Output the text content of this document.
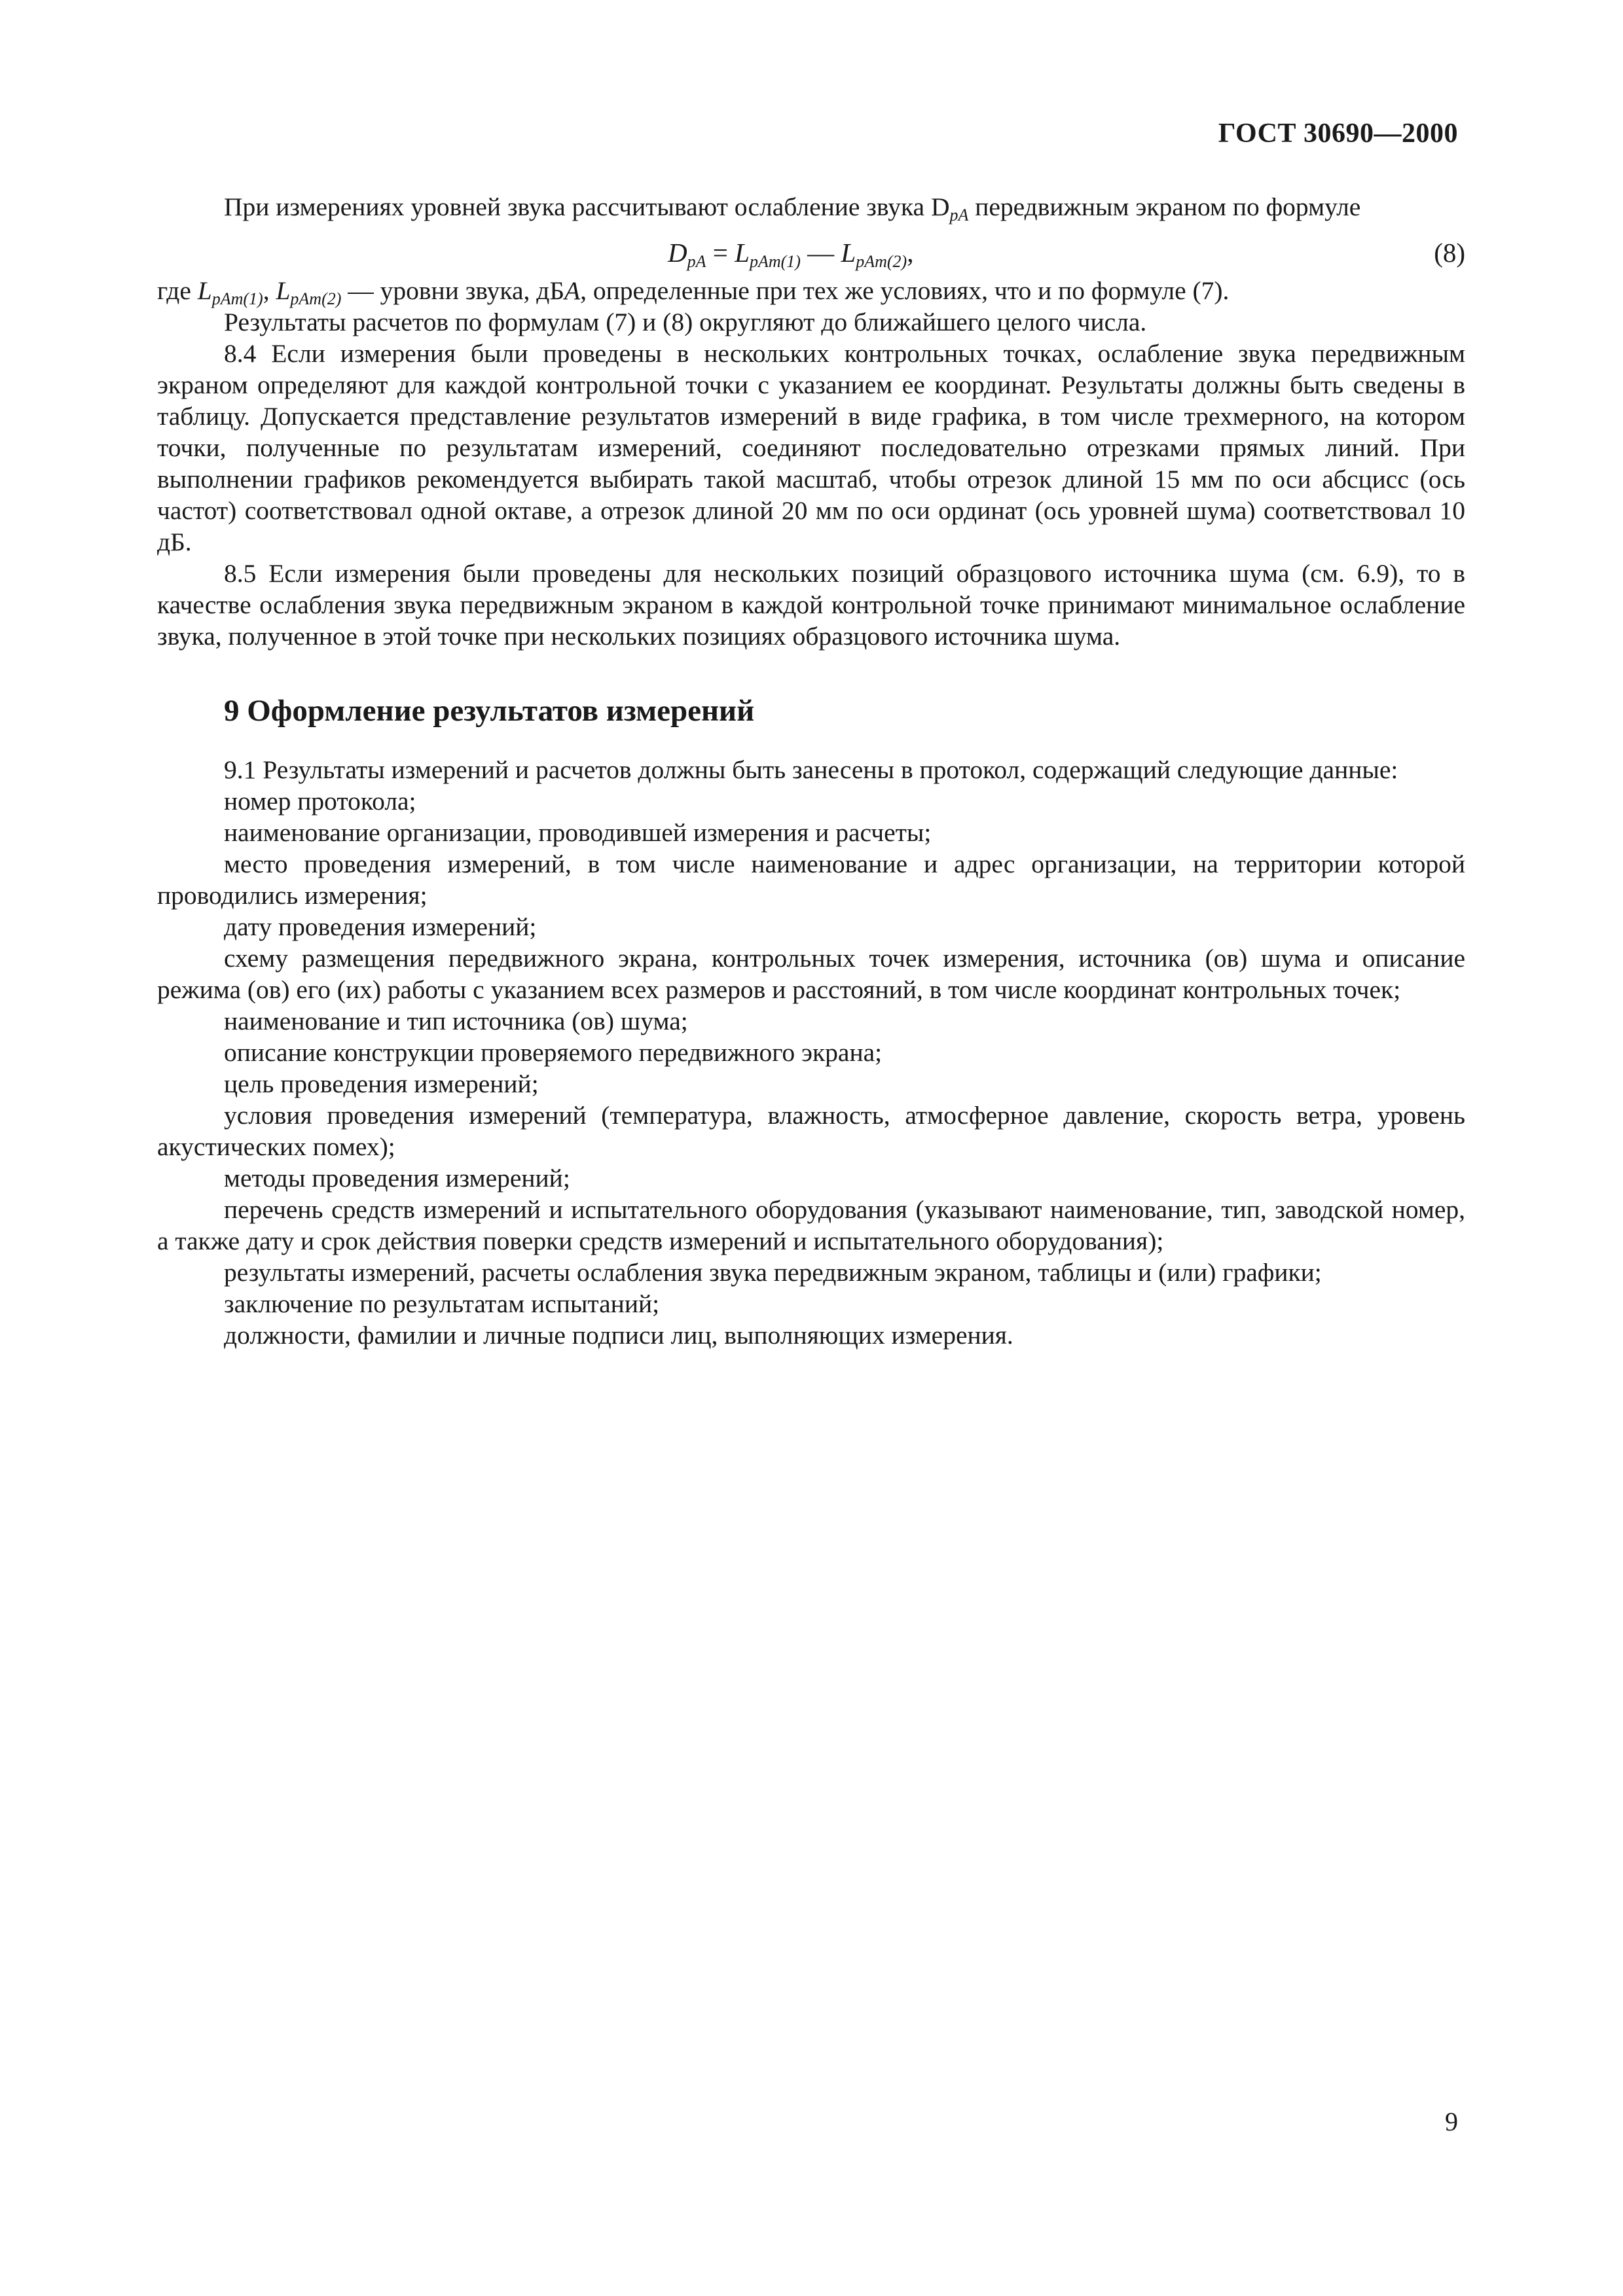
ГОСТ 30690—2000

При измерениях уровней звука рассчитывают ослабление звука $D_{pA}$ передвижным экраном по формуле

$D_{pA} = L_{pAm(1)}$ — $L_{pAm(2)}$,	(8)

где $L_{pAm(1)}$, $L_{pAm(2)}$ — уровни звука, дБA, определенные при тех же условиях, что и по формуле (7).

Результаты расчетов по формулам (7) и (8) округляют до ближайшего целого числа.

8.4 Если измерения были проведены в нескольких контрольных точках, ослабление звука передвижным экраном определяют для каждой контрольной точки с указанием ее координат. Результаты должны быть сведены в таблицу. Допускается представление результатов измерений в виде графика, в том числе трехмерного, на котором точки, полученные по результатам измерений, соединяют последовательно отрезками прямых линий. При выполнении графиков рекомендуется выбирать такой масштаб, чтобы отрезок длиной 15 мм по оси абсцисс (ось частот) соответствовал одной октаве, а отрезок длиной 20 мм по оси ординат (ось уровней шума) соответствовал 10 дБ.

8.5 Если измерения были проведены для нескольких позиций образцового источника шума (см. 6.9), то в качестве ослабления звука передвижным экраном в каждой контрольной точке принимают минимальное ослабление звука, полученное в этой точке при нескольких позициях образцового источника шума.

9 Оформление результатов измерений

9.1 Результаты измерений и расчетов должны быть занесены в протокол, содержащий следующие данные:

номер протокола;

наименование организации, проводившей измерения и расчеты;

место проведения измерений, в том числе наименование и адрес организации, на территории которой проводились измерения;

дату проведения измерений;

схему размещения передвижного экрана, контрольных точек измерения, источника (ов) шума и описание режима (ов) его (их) работы с указанием всех размеров и расстояний, в том числе координат контрольных точек;

наименование и тип источника (ов) шума;

описание конструкции проверяемого передвижного экрана;

цель проведения измерений;

условия проведения измерений (температура, влажность, атмосферное давление, скорость ветра, уровень акустических помех);

методы проведения измерений;

перечень средств измерений и испытательного оборудования (указывают наименование, тип, заводской номер, а также дату и срок действия поверки средств измерений и испытательного оборудования);

результаты измерений, расчеты ослабления звука передвижным экраном, таблицы и (или) графики;

заключение по результатам испытаний;

должности, фамилии и личные подписи лиц, выполняющих измерения.

9
